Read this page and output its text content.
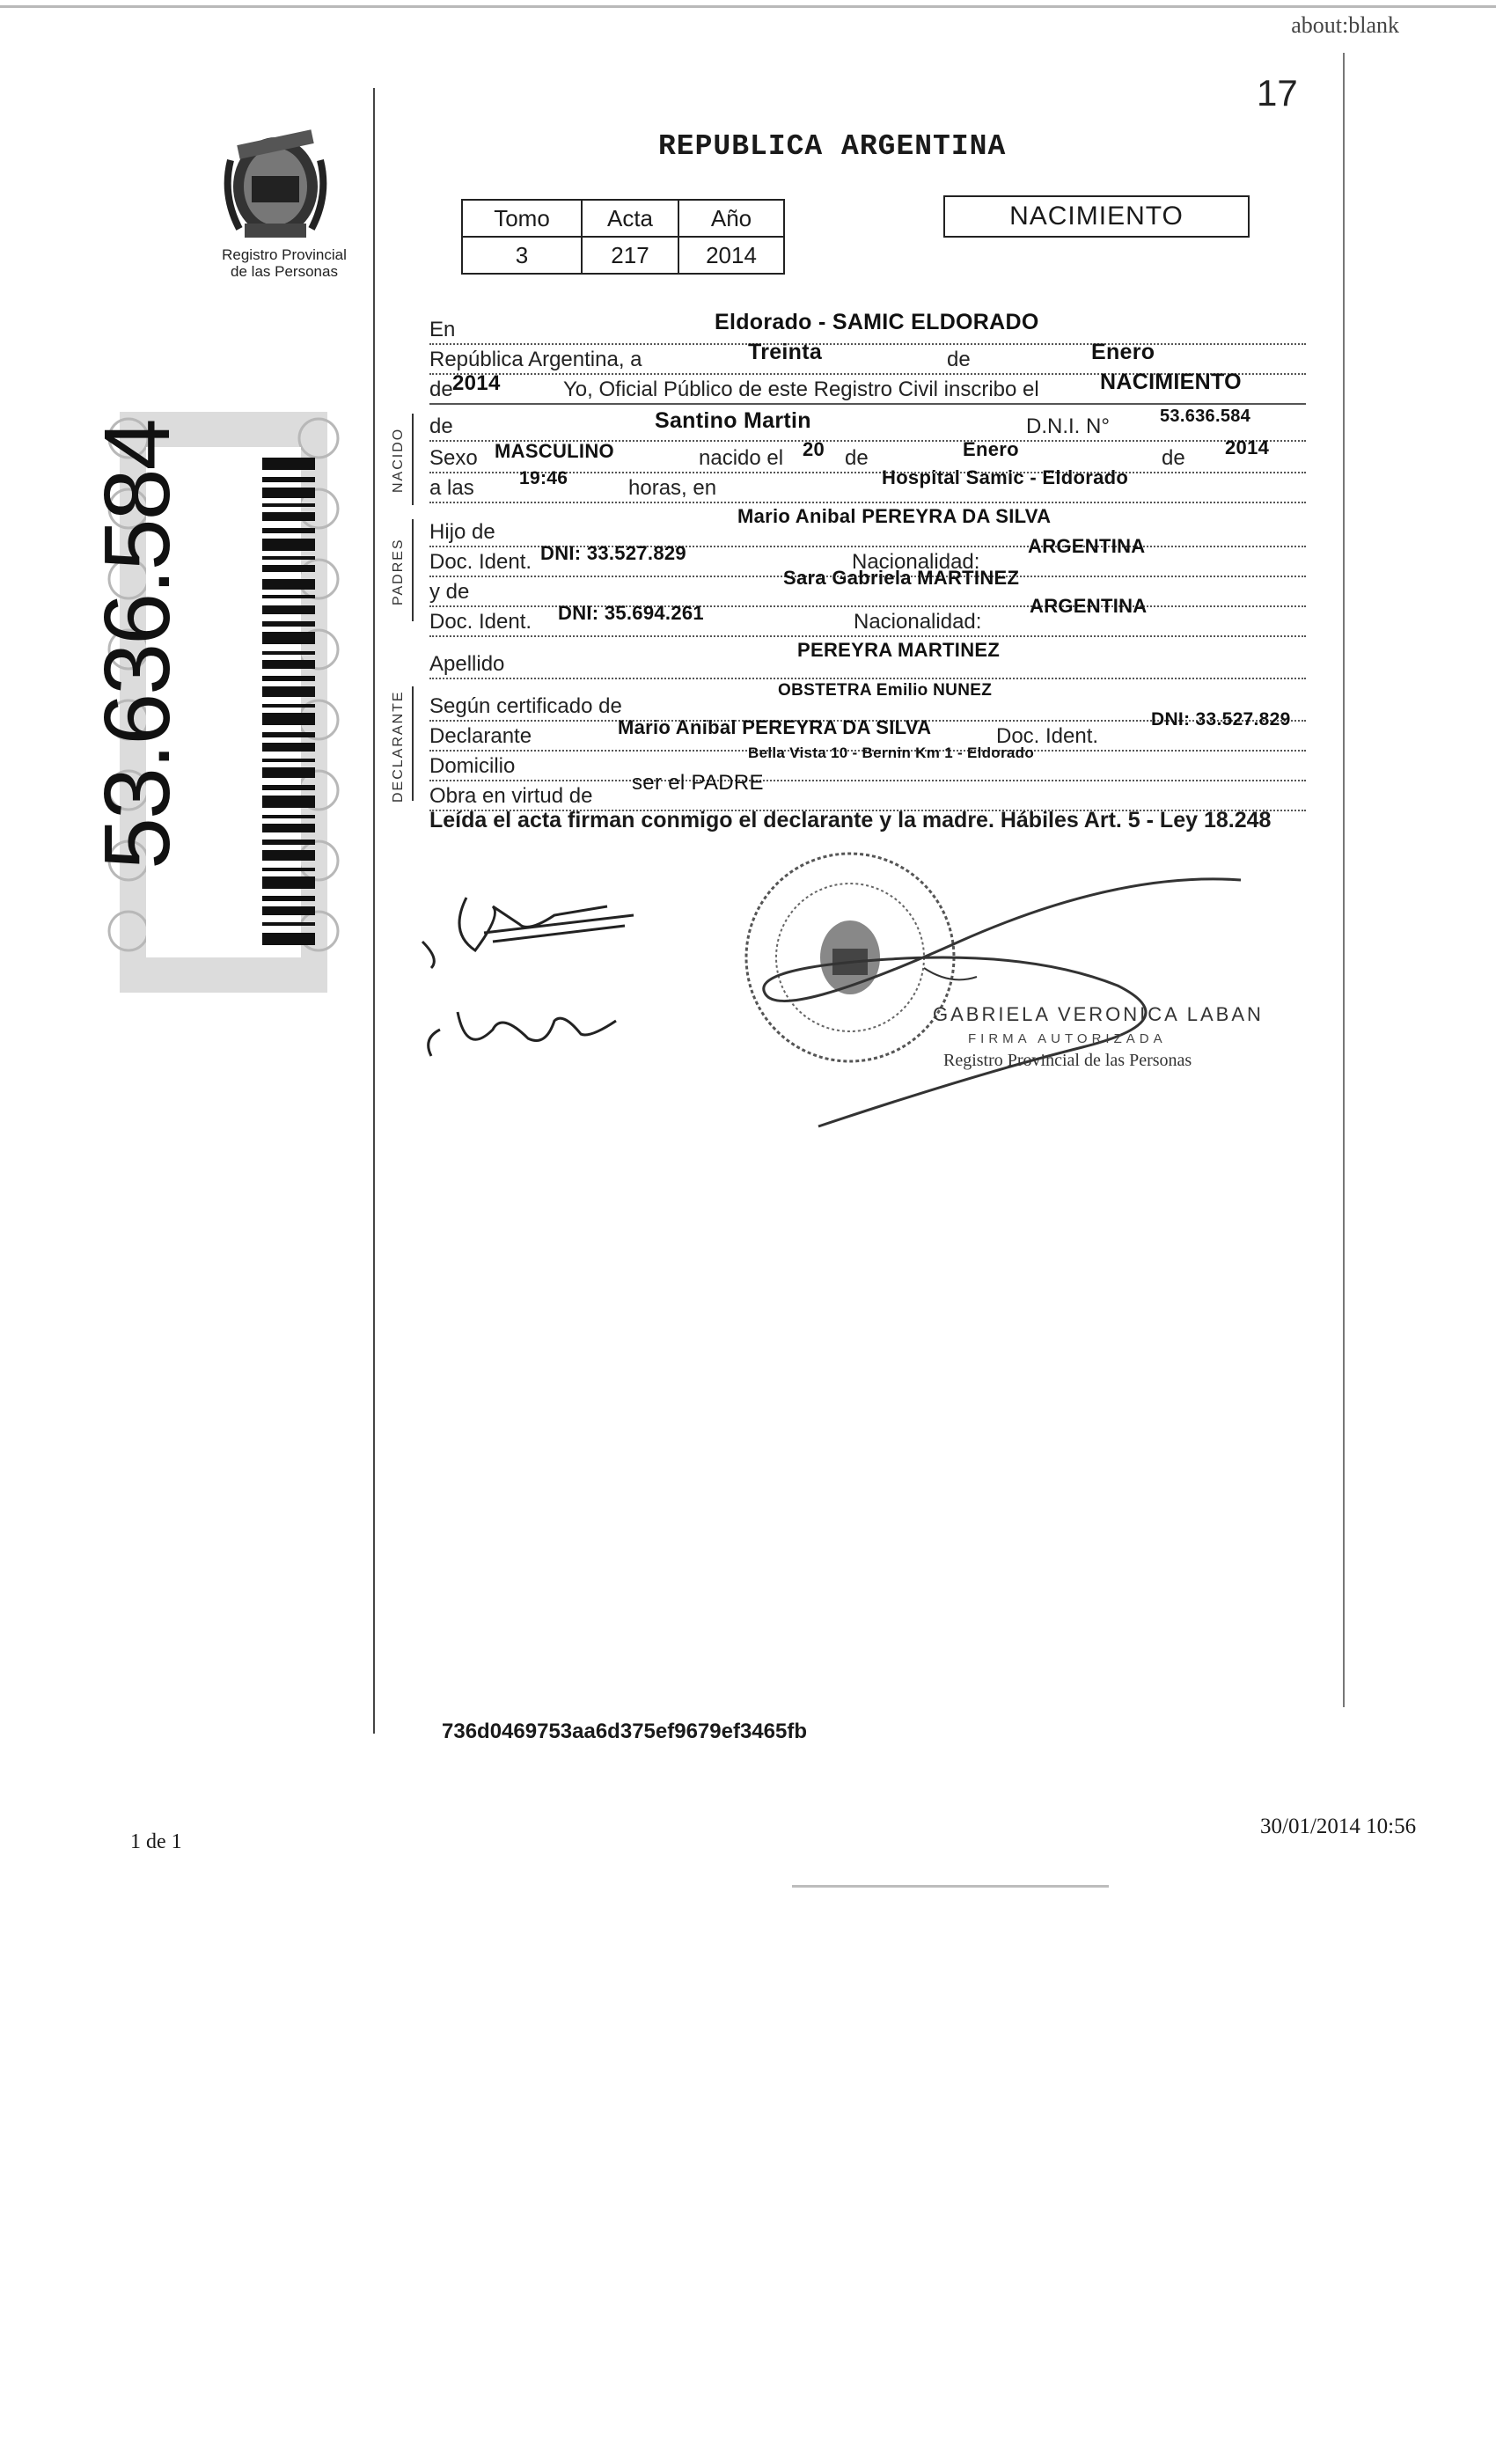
about:blank
17
Registro Provincial
de las Personas
REPUBLICA ARGENTINA
Tomo	Acta	Año
3	217	2014
NACIMIENTO
53.636.584	NACIDO
PADRES
DECLARANTE
En	Eldorado - SAMIC ELDORADO
República Argentina, a	de
Treinta	Enero
de	Yo, Oficial Público de este Registro Civil inscribo el
2014	NACIMIENTO
de	D.N.I. N°
Santino Martin	53.636.584
Sexo	nacido el	de	de
MASCULINO	20	Enero	2014
a las	horas, en
19:46	Hospital Samic - Eldorado
Hijo de
Mario Anibal PEREYRA DA SILVA
Doc. Ident.	Nacionalidad:
DNI: 33.527.829	ARGENTINA
y de
Sara Gabriela MARTINEZ
Doc. Ident.	Nacionalidad:
DNI: 35.694.261	ARGENTINA
Apellido
PEREYRA MARTINEZ
Según certificado de
OBSTETRA Emilio NUNEZ
Declarante	Doc. Ident.
Mario Anibal PEREYRA DA SILVA	DNI: 33.527.829
Domicilio
Bella Vista 10 - Bernin Km 1 - Eldorado
Obra en virtud de
ser el PADRE
Leída el acta firman conmigo el declarante y la madre. Hábiles Art. 5 - Ley 18.248
GABRIELA VERONICA LABAN
FIRMA AUTORIZADA
Registro Provincial de las Personas
736d0469753aa6d375ef9679ef3465fb
1 de 1
30/01/2014 10:56
